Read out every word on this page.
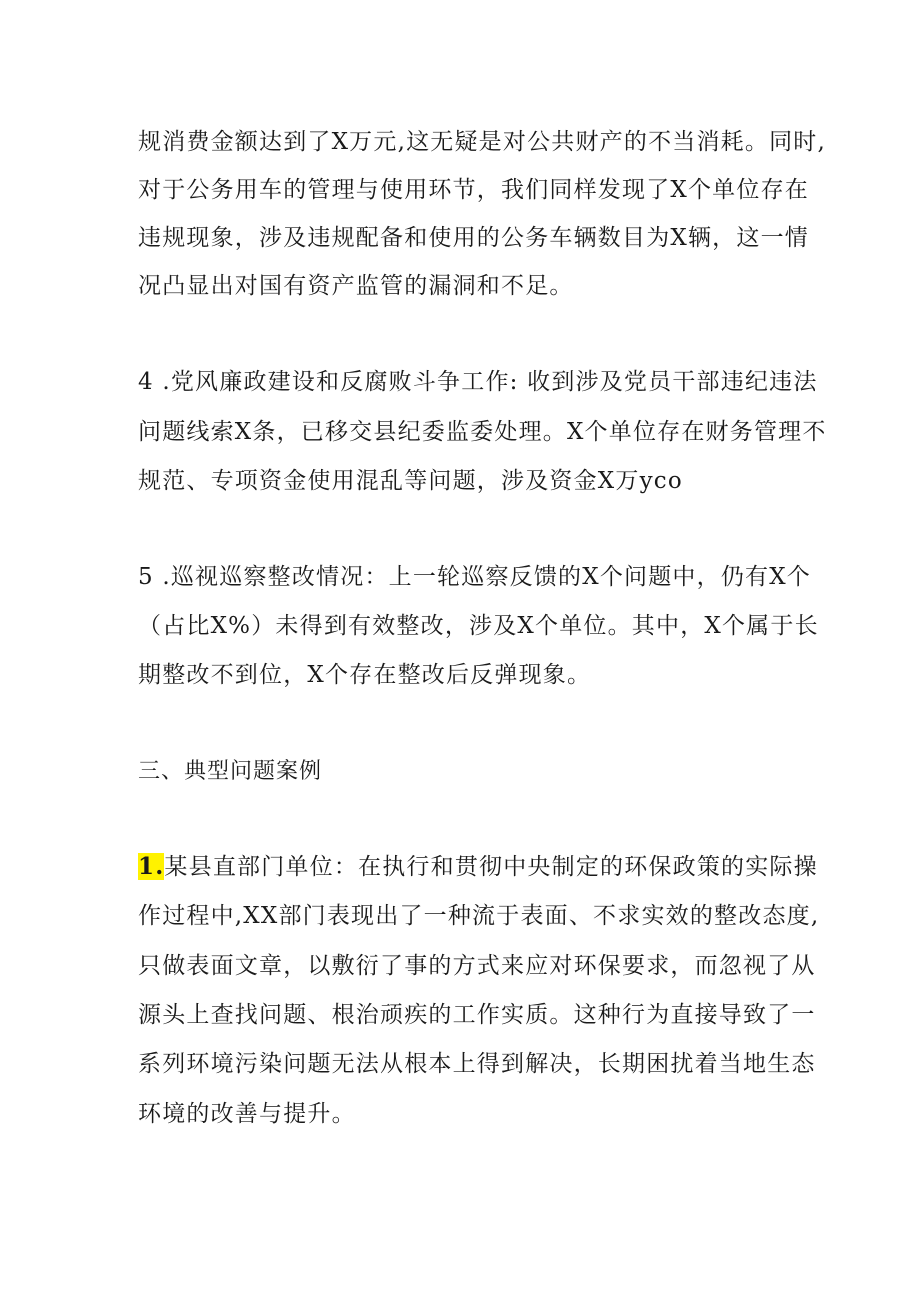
规消费金额达到了X万元,这无疑是对公共财产的不当消耗。同时,
对于公务用车的管理与使用环节，我们同样发现了X个单位存在
违规现象，涉及违规配备和使用的公务车辆数目为X辆，这一情
况凸显出对国有资产监管的漏洞和不足。
4 .党风廉政建设和反腐败斗争工作: 收到涉及党员干部违纪违法
问题线索X条，已移交县纪委监委处理。X个单位存在财务管理不
规范、专项资金使用混乱等问题，涉及资金X万yco
5 .巡视巡察整改情况：上一轮巡察反馈的X个问题中，仍有X个
（占比X%）未得到有效整改，涉及X个单位。其中，X个属于长
期整改不到位，X个存在整改后反弹现象。
三、典型问题案例
1.某县直部门单位：在执行和贯彻中央制定的环保政策的实际操
作过程中,XX部门表现出了一种流于表面、不求实效的整改态度,
只做表面文章，以敷衍了事的方式来应对环保要求，而忽视了从
源头上查找问题、根治顽疾的工作实质。这种行为直接导致了一
系列环境污染问题无法从根本上得到解决，长期困扰着当地生态
环境的改善与提升。
